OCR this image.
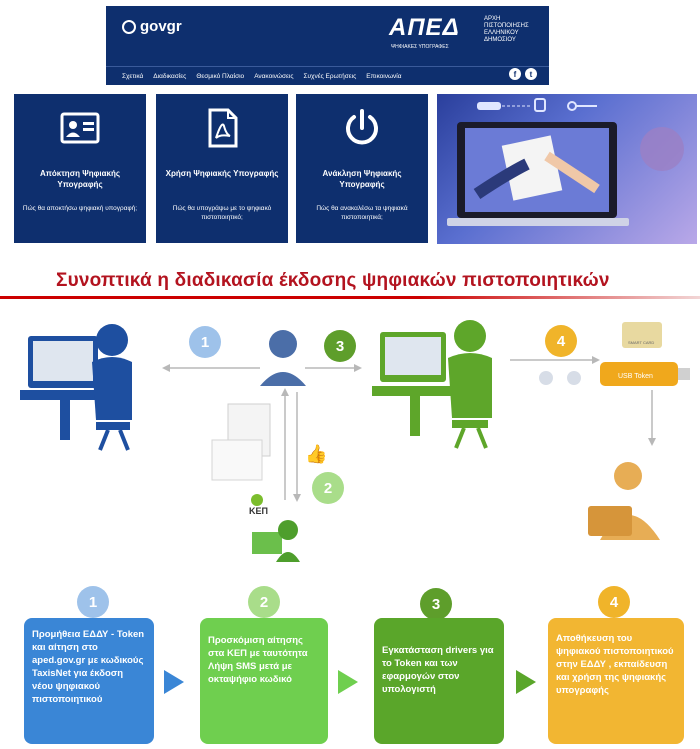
govgr	ΑΠΕΔ
ΨΗΦΙΑΚΕΣ ΥΠΟΓΡΑΦΕΣ
ΑΡΧΗ ΠΙΣΤΟΠΟΙΗΣΗΣ ΕΛΛΗΝΙΚΟΥ ΔΗΜΟΣΙΟΥ
Σχετικά Διαδικασίες Θεσμικό Πλαίσιο Ανακοινώσεις Συχνές Ερωτήσεις Επικοινωνία	f	t
Απόκτηση Ψηφιακής Υπογραφής
Πώς θα αποκτήσω ψηφιακή υπογραφή;
Χρήση Ψηφιακής Υπογραφής
Πώς θα υπογράψω με το ψηφιακό πιστοποιητικό;
Ανάκληση Ψηφιακής Υπογραφής
Πώς θα ανακαλέσω τα ψηφιακά πιστοποιητικά;
Συνοπτικά η διαδικασία έκδοσης ψηφιακών πιστοποιητικών
👍
ΚΕΠ
SMART CARD
USB Token
1	3	4
2
1	2	3	4
Προμήθεια ΕΔΔΥ - Token και αίτηση στο aped.gov.gr με κωδικούς TaxisNet για έκδοση νέου ψηφιακού πιστοποιητικού
Προσκόμιση αίτησης στα ΚΕΠ με ταυτότητα Λήψη SMS μετά με οκταψήφιο κωδικό
Εγκατάσταση drivers για το Token και των εφαρμογών στον υπολογιστή
Αποθήκευση του ψηφιακού πιστοποιητικού στην ΕΔΔΥ , εκπαίδευση και χρήση της ψηφιακής υπογραφής
